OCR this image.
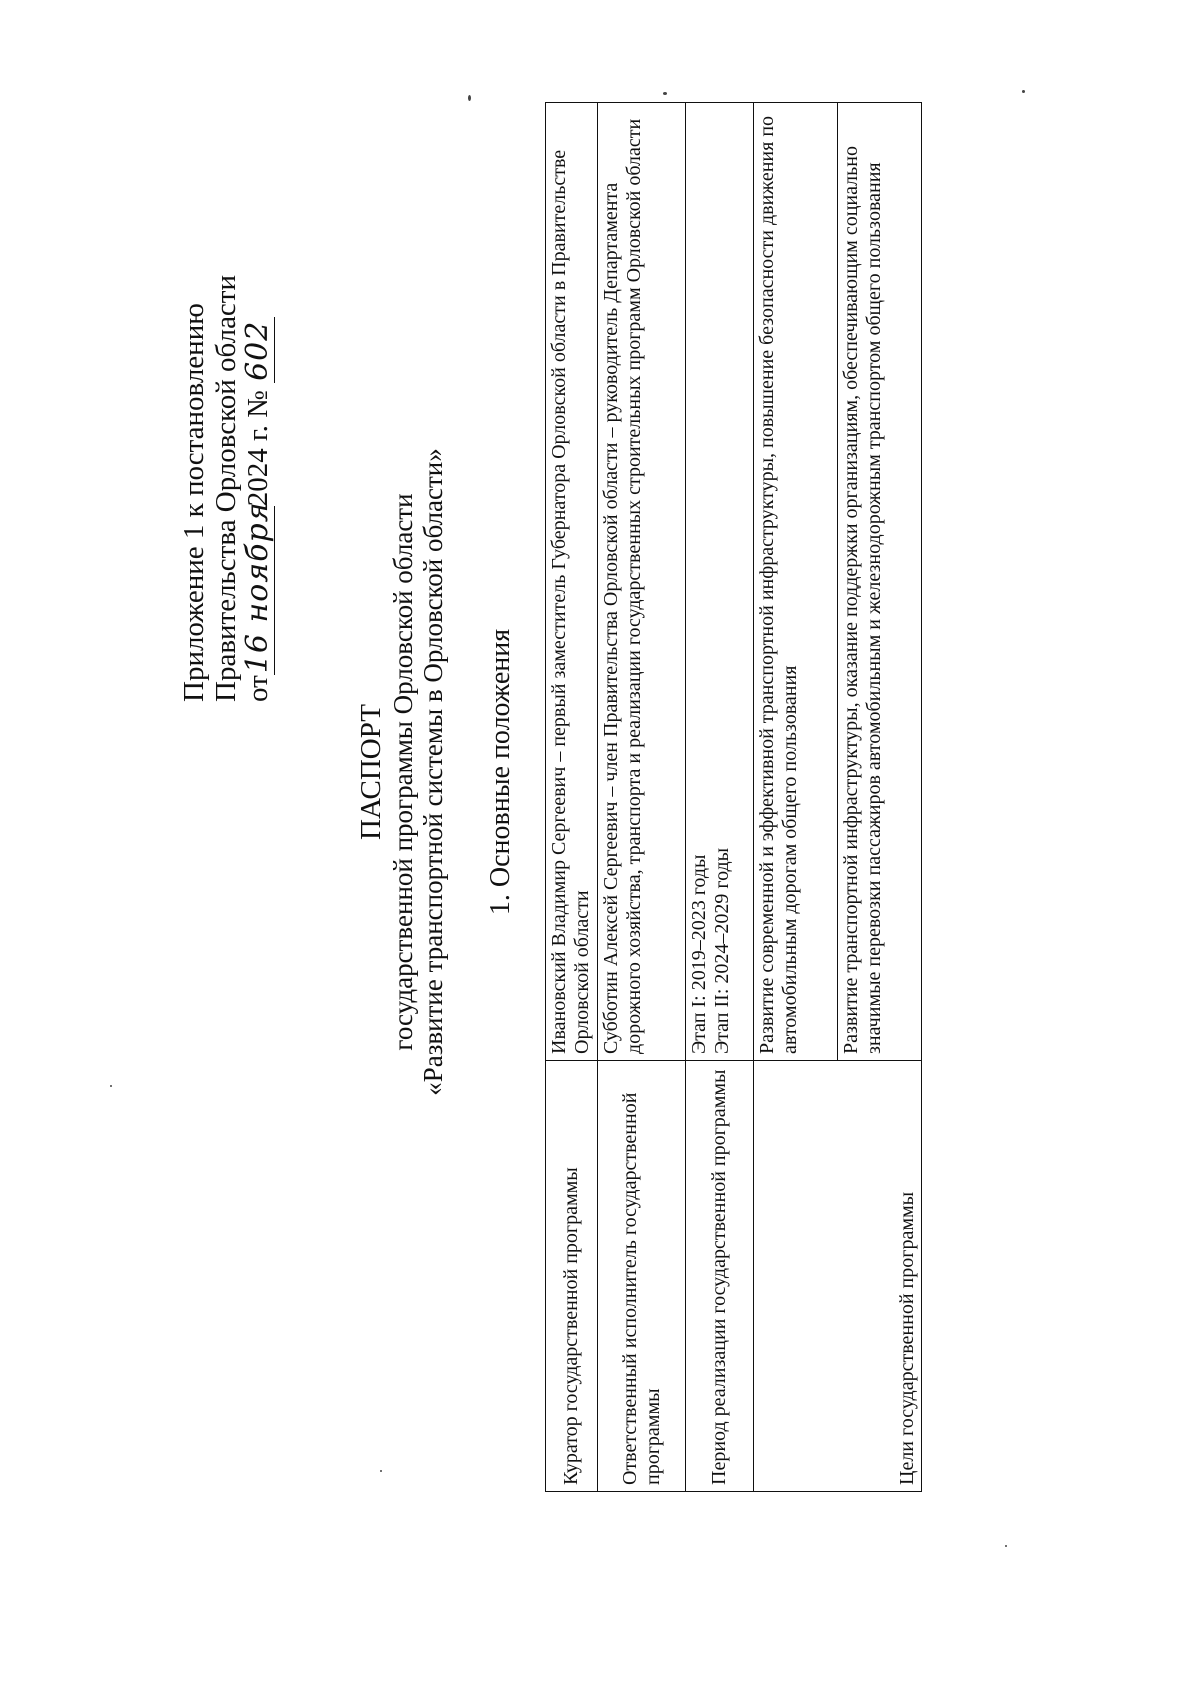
Приложение 1 к постановлению Правительства Орловской области от16 ноября2024 г. № 602
ПАСПОРТ государственной программы Орловской области «Развитие транспортной системы в Орловской области» 1. Основные положения
Куратор государственной программы	Ивановский Владимир Сергеевич – первый заместитель Губернатора Орловской области в Правительстве Орловской области

Ответственный исполнитель государственной программы	Субботин Алексей Сергеевич – член Правительства Орловской области – руководитель Департамента дорожного хозяйства, транспорта и реализации государственных строительных программ Орловской области

Период реализации государственной программы	Этап I: 2019–2023 годы Этап II: 2024–2029 годы

Цели государственной программы	Развитие современной и эффективной транспортной инфраструктуры, повышение безопасности движения по автомобильным дорогам общего пользования

	Развитие транспортной инфраструктуры, оказание поддержки организациям, обеспечивающим социально значимые перевозки пассажиров автомобильным и железнодорожным транспортом общего пользования
